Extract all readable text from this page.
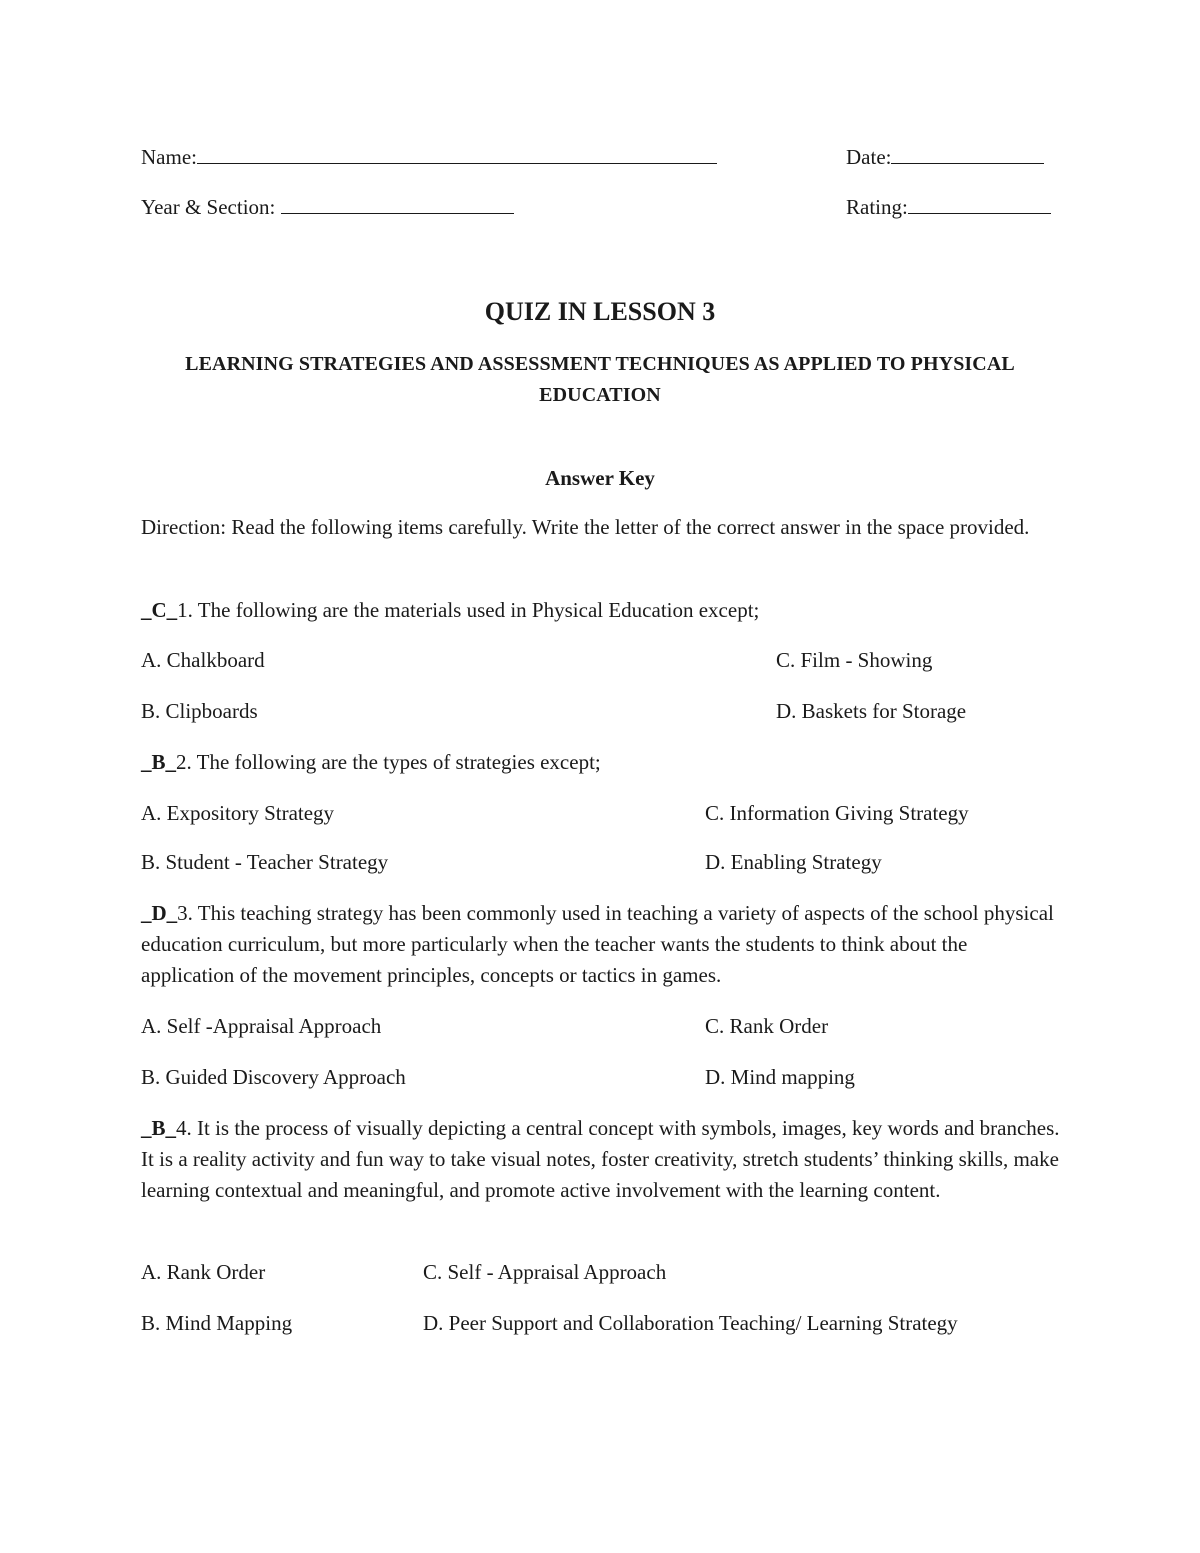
Name:	Date:
Year & Section:	Rating:
QUIZ IN LESSON 3
LEARNING STRATEGIES AND ASSESSMENT TECHNIQUES AS APPLIED TO PHYSICAL EDUCATION
Answer Key
Direction: Read the following items carefully. Write the letter of the correct answer in the space provided.
_C_1. The following are the materials used in Physical Education except;
A. Chalkboard	C. Film - Showing
B. Clipboards	D. Baskets for Storage
_B_2. The following are the types of strategies except;
A. Expository Strategy	C. Information Giving Strategy
B. Student - Teacher Strategy	D. Enabling Strategy
_D_3. This teaching strategy has been commonly used in teaching a variety of aspects of the school physical education curriculum, but more particularly when the teacher wants the students to think about the application of the movement principles, concepts or tactics in games.
A. Self -Appraisal Approach	C. Rank Order
B. Guided Discovery Approach	D. Mind mapping
_B_4. It is the process of visually depicting a central concept with symbols, images, key words and branches. It is a reality activity and fun way to take visual notes, foster creativity, stretch students’ thinking skills, make learning contextual and meaningful, and promote active involvement with the learning content.
A. Rank Order	C. Self - Appraisal Approach
B. Mind Mapping	D. Peer Support and Collaboration Teaching/ Learning Strategy
